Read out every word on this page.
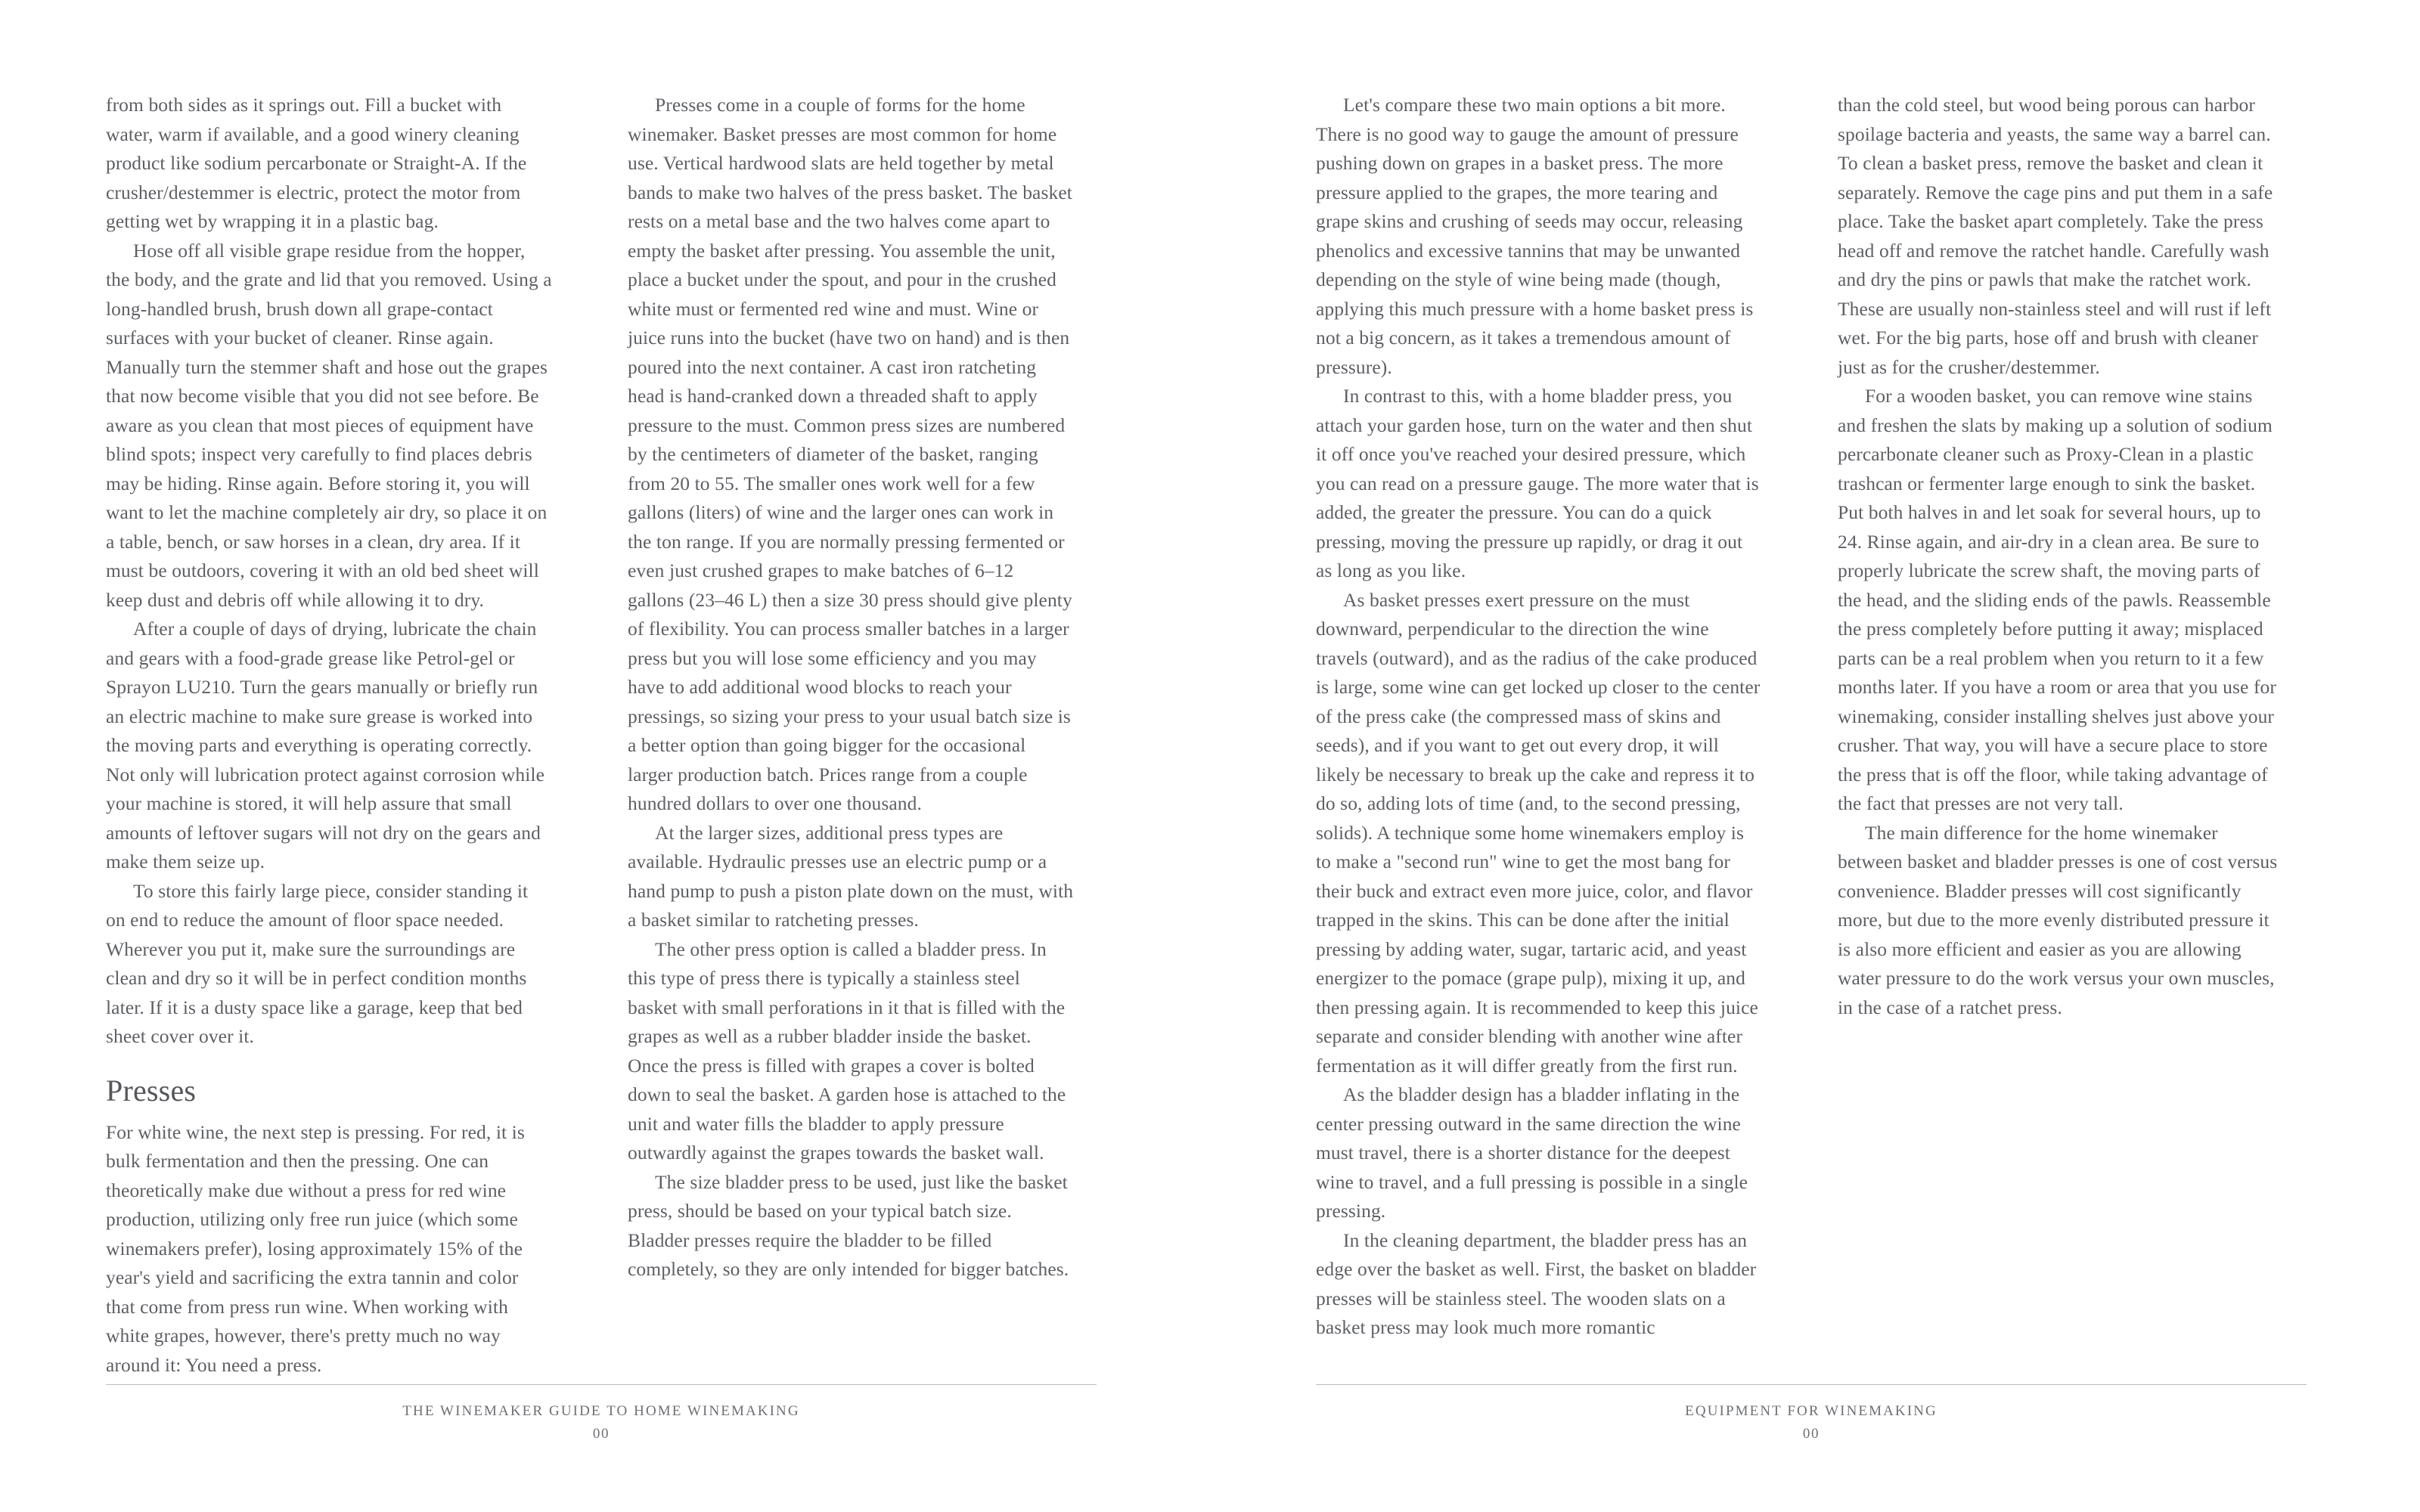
from both sides as it springs out. Fill a bucket with water, warm if available, and a good winery cleaning product like sodium percarbonate or Straight-A. If the crusher/destemmer is electric, protect the motor from getting wet by wrapping it in a plastic bag.

Hose off all visible grape residue from the hopper, the body, and the grate and lid that you removed. Using a long-handled brush, brush down all grape-contact surfaces with your bucket of cleaner. Rinse again. Manually turn the stemmer shaft and hose out the grapes that now become visible that you did not see before. Be aware as you clean that most pieces of equipment have blind spots; inspect very carefully to find places debris may be hiding. Rinse again. Before storing it, you will want to let the machine completely air dry, so place it on a table, bench, or saw horses in a clean, dry area. If it must be outdoors, covering it with an old bed sheet will keep dust and debris off while allowing it to dry.

After a couple of days of drying, lubricate the chain and gears with a food-grade grease like Petrol-gel or Sprayon LU210. Turn the gears manually or briefly run an electric machine to make sure grease is worked into the moving parts and everything is operating correctly. Not only will lubrication protect against corrosion while your machine is stored, it will help assure that small amounts of leftover sugars will not dry on the gears and make them seize up.

To store this fairly large piece, consider standing it on end to reduce the amount of floor space needed. Wherever you put it, make sure the surroundings are clean and dry so it will be in perfect condition months later. If it is a dusty space like a garage, keep that bed sheet cover over it.

Presses

For white wine, the next step is pressing. For red, it is bulk fermentation and then the pressing. One can theoretically make due without a press for red wine production, utilizing only free run juice (which some winemakers prefer), losing approximately 15% of the year's yield and sacrificing the extra tannin and color that come from press run wine. When working with white grapes, however, there's pretty much no way around it: You need a press.

Presses come in a couple of forms for the home winemaker. Basket presses are most common for home use. Vertical hardwood slats are held together by metal bands to make two halves of the press basket. The basket rests on a metal base and the two halves come apart to empty the basket after pressing. You assemble the unit, place a bucket under the spout, and pour in the crushed white must or fermented red wine and must. Wine or juice runs into the bucket (have two on hand) and is then poured into the next container. A cast iron ratcheting head is hand-cranked down a threaded shaft to apply pressure to the must. Common press sizes are numbered by the centimeters of diameter of the basket, ranging from 20 to 55. The smaller ones work well for a few gallons (liters) of wine and the larger ones can work in the ton range. If you are normally pressing fermented or even just crushed grapes to make batches of 6–12 gallons (23–46 L) then a size 30 press should give plenty of flexibility. You can process smaller batches in a larger press but you will lose some efficiency and you may have to add additional wood blocks to reach your pressings, so sizing your press to your usual batch size is a better option than going bigger for the occasional larger production batch. Prices range from a couple hundred dollars to over one thousand.

At the larger sizes, additional press types are available. Hydraulic presses use an electric pump or a hand pump to push a piston plate down on the must, with a basket similar to ratcheting presses.

The other press option is called a bladder press. In this type of press there is typically a stainless steel basket with small perforations in it that is filled with the grapes as well as a rubber bladder inside the basket. Once the press is filled with grapes a cover is bolted down to seal the basket. A garden hose is attached to the unit and water fills the bladder to apply pressure outwardly against the grapes towards the basket wall.

The size bladder press to be used, just like the basket press, should be based on your typical batch size. Bladder presses require the bladder to be filled completely, so they are only intended for bigger batches.

THE WINEMAKER GUIDE TO HOME WINEMAKING
00

Let's compare these two main options a bit more. There is no good way to gauge the amount of pressure pushing down on grapes in a basket press. The more pressure applied to the grapes, the more tearing and grape skins and crushing of seeds may occur, releasing phenolics and excessive tannins that may be unwanted depending on the style of wine being made (though, applying this much pressure with a home basket press is not a big concern, as it takes a tremendous amount of pressure).

In contrast to this, with a home bladder press, you attach your garden hose, turn on the water and then shut it off once you've reached your desired pressure, which you can read on a pressure gauge. The more water that is added, the greater the pressure. You can do a quick pressing, moving the pressure up rapidly, or drag it out as long as you like.

As basket presses exert pressure on the must downward, perpendicular to the direction the wine travels (outward), and as the radius of the cake produced is large, some wine can get locked up closer to the center of the press cake (the compressed mass of skins and seeds), and if you want to get out every drop, it will likely be necessary to break up the cake and repress it to do so, adding lots of time (and, to the second pressing, solids). A technique some home winemakers employ is to make a "second run" wine to get the most bang for their buck and extract even more juice, color, and flavor trapped in the skins. This can be done after the initial pressing by adding water, sugar, tartaric acid, and yeast energizer to the pomace (grape pulp), mixing it up, and then pressing again. It is recommended to keep this juice separate and consider blending with another wine after fermentation as it will differ greatly from the first run.

As the bladder design has a bladder inflating in the center pressing outward in the same direction the wine must travel, there is a shorter distance for the deepest wine to travel, and a full pressing is possible in a single pressing.

In the cleaning department, the bladder press has an edge over the basket as well. First, the basket on bladder presses will be stainless steel. The wooden slats on a basket press may look much more romantic

than the cold steel, but wood being porous can harbor spoilage bacteria and yeasts, the same way a barrel can. To clean a basket press, remove the basket and clean it separately. Remove the cage pins and put them in a safe place. Take the basket apart completely. Take the press head off and remove the ratchet handle. Carefully wash and dry the pins or pawls that make the ratchet work. These are usually non-stainless steel and will rust if left wet. For the big parts, hose off and brush with cleaner just as for the crusher/destemmer.

For a wooden basket, you can remove wine stains and freshen the slats by making up a solution of sodium percarbonate cleaner such as Proxy-Clean in a plastic trashcan or fermenter large enough to sink the basket. Put both halves in and let soak for several hours, up to 24. Rinse again, and air-dry in a clean area. Be sure to properly lubricate the screw shaft, the moving parts of the head, and the sliding ends of the pawls. Reassemble the press completely before putting it away; misplaced parts can be a real problem when you return to it a few months later. If you have a room or area that you use for winemaking, consider installing shelves just above your crusher. That way, you will have a secure place to store the press that is off the floor, while taking advantage of the fact that presses are not very tall.

The main difference for the home winemaker between basket and bladder presses is one of cost versus convenience. Bladder presses will cost significantly more, but due to the more evenly distributed pressure it is also more efficient and easier as you are allowing water pressure to do the work versus your own muscles, in the case of a ratchet press.

EQUIPMENT FOR WINEMAKING
00
